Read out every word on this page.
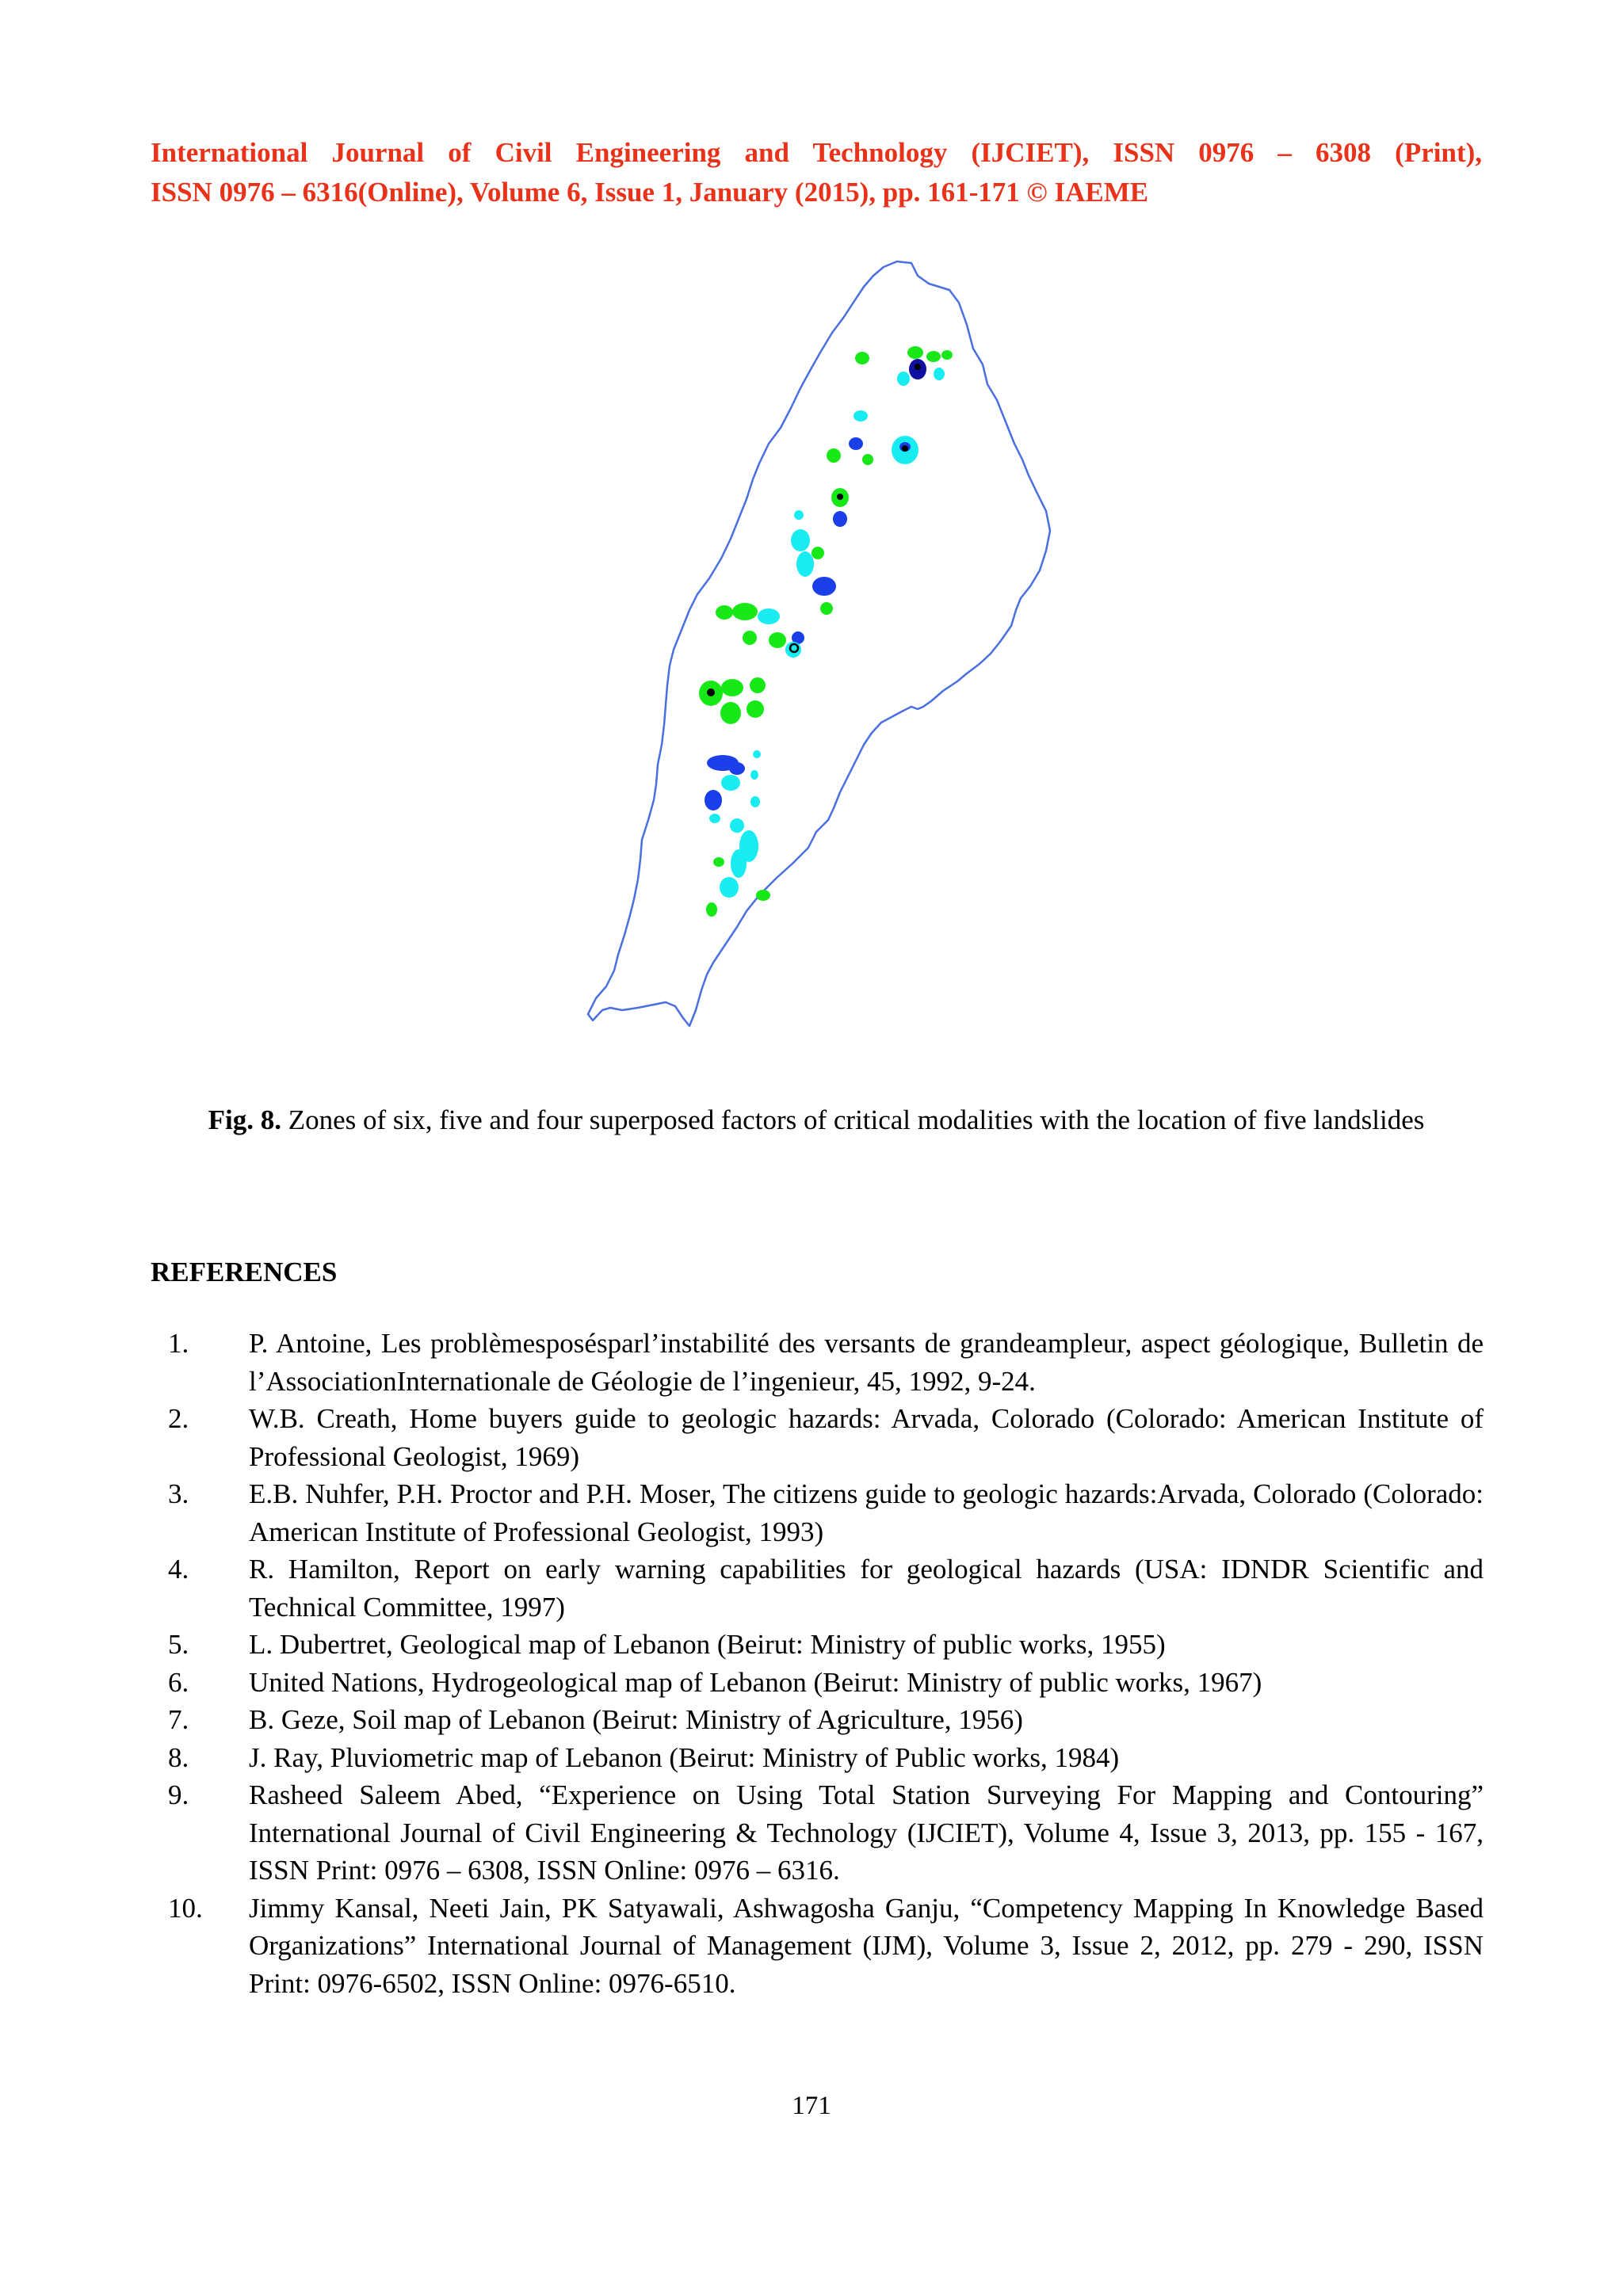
International Journal of Civil Engineering and Technology (IJCIET), ISSN 0976 – 6308 (Print),
ISSN 0976 – 6316(Online), Volume 6, Issue 1, January (2015), pp. 161-171 © IAEME
Fig. 8. Zones of six, five and four superposed factors of critical modalities with the location of five landslides
REFERENCES
1. P. Antoine, Les problèmesposésparl’instabilité des versants de grandeampleur, aspect géologique, Bulletin de l’AssociationInternationale de Géologie de l’ingenieur, 45, 1992, 9-24.
2. W.B. Creath, Home buyers guide to geologic hazards: Arvada, Colorado (Colorado: American Institute of Professional Geologist, 1969)
3. E.B. Nuhfer, P.H. Proctor and P.H. Moser, The citizens guide to geologic hazards:Arvada, Colorado (Colorado: American Institute of Professional Geologist, 1993)
4. R. Hamilton, Report on early warning capabilities for geological hazards (USA: IDNDR Scientific and Technical Committee, 1997)
5. L. Dubertret, Geological map of Lebanon (Beirut: Ministry of public works, 1955)
6. United Nations, Hydrogeological map of Lebanon (Beirut: Ministry of public works, 1967)
7. B. Geze, Soil map of Lebanon (Beirut: Ministry of Agriculture, 1956)
8. J. Ray, Pluviometric map of Lebanon (Beirut: Ministry of Public works, 1984)
9. Rasheed Saleem Abed, “Experience on Using Total Station Surveying For Mapping and Contouring” International Journal of Civil Engineering & Technology (IJCIET), Volume 4, Issue 3, 2013, pp. 155 - 167, ISSN Print: 0976 – 6308, ISSN Online: 0976 – 6316.
10. Jimmy Kansal, Neeti Jain, PK Satyawali, Ashwagosha Ganju, “Competency Mapping In Knowledge Based Organizations” International Journal of Management (IJM), Volume 3, Issue 2, 2012, pp. 279 - 290, ISSN Print: 0976-6502, ISSN Online: 0976-6510.
171
